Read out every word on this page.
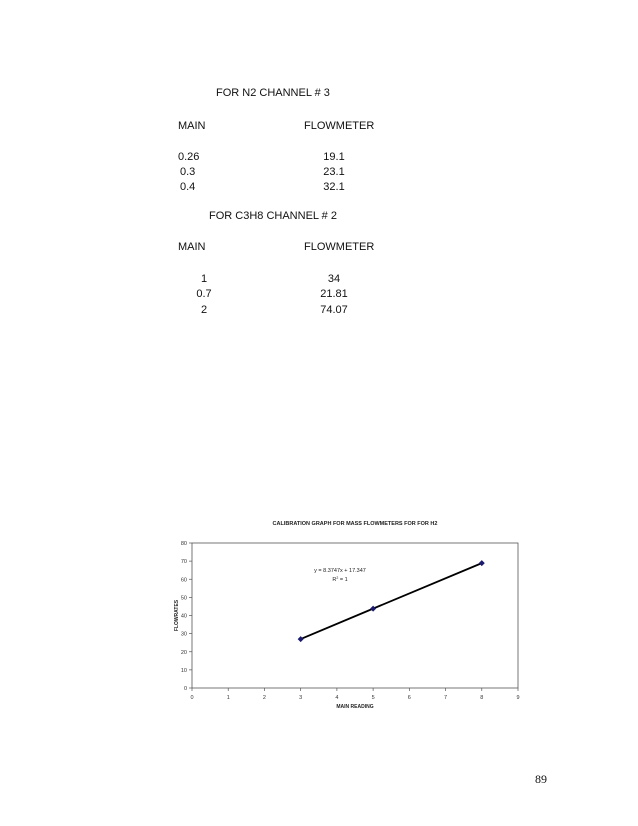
FOR N2 CHANNEL # 3
MAIN	FLOWMETER
0.26	19.1
0.3	23.1
0.4	32.1
FOR C3H8 CHANNEL # 2
MAIN	FLOWMETER
1	34
0.7	21.81
2	74.07
CALIBRATION GRAPH FOR MASS FLOWMETERS FOR FOR H2
0
10
20
30
40
50
60
70
80
0	1	2	3	4	5	6	7	8	9
MAIN READING
FLOWRATES
y = 8.3747x + 17.347
$R^2 = 1$
89
